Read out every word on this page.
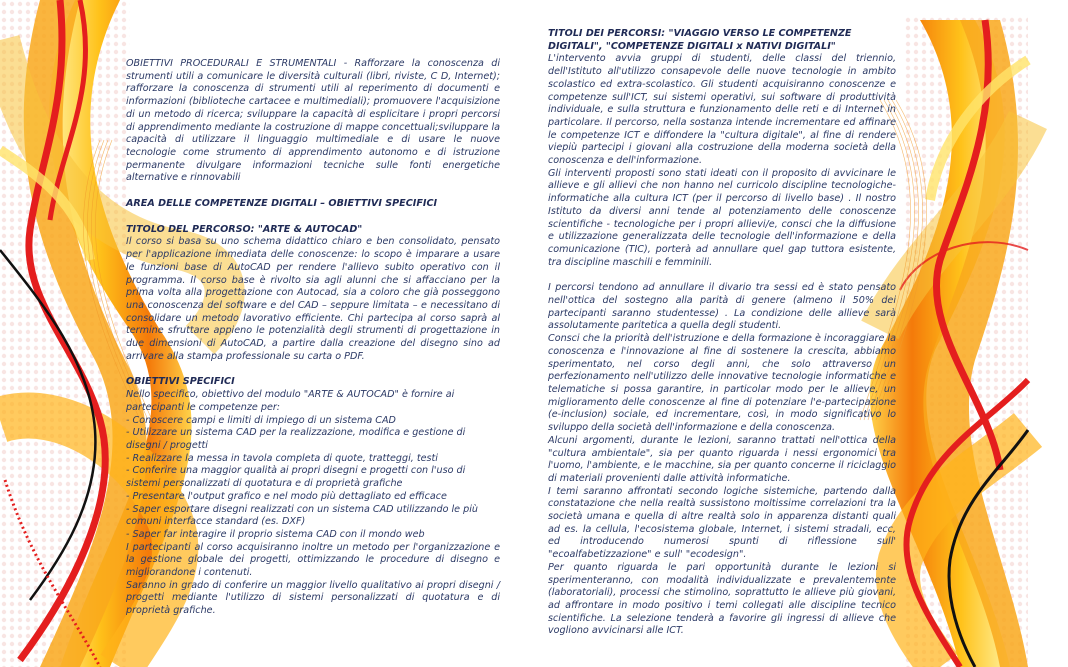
OBIETTIVI PROCEDURALI E STRUMENTALI - Rafforzare la conoscenza di strumenti utili a comunicare le diversità culturali (libri, riviste, C D, Internet); rafforzare la conoscenza di strumenti utili al reperimento di documenti e informazioni (biblioteche cartacee e multimediali); promuovere l'acquisizione di un metodo di ricerca; sviluppare la capacità di esplicitare i propri percorsi di apprendimento mediante la costruzione di mappe concettuali;sviluppare la capacità di utilizzare il linguaggio multimediale e di usare le nuove tecnologie come strumento di apprendimento autonomo e di istruzione permanente divulgare informazioni tecniche sulle fonti energetiche alternative e rinnovabili

AREA DELLE COMPETENZE DIGITALI – OBIETTIVI SPECIFICI

TITOLO DEL PERCORSO: "ARTE & AUTOCAD"

Il corso si basa su uno schema didattico chiaro e ben consolidato, pensato per l'applicazione immediata delle conoscenze: lo scopo è imparare a usare le funzioni base di AutoCAD per rendere l'allievo subito operativo con il programma. Il corso base è rivolto sia agli alunni che si affacciano per la prima volta alla progettazione con Autocad, sia a coloro che già posseggono una conoscenza del software e del CAD – seppure limitata – e necessitano di consolidare un metodo lavorativo efficiente. Chi partecipa al corso saprà al termine sfruttare appieno le potenzialità degli strumenti di progettazione in due dimensioni di AutoCAD, a partire dalla creazione del disegno sino ad arrivare alla stampa professionale su carta o PDF.

OBIETTIVI SPECIFICI

Nello specifico, obiettivo del modulo "ARTE & AUTOCAD" è fornire ai partecipanti le competenze per:

- Conoscere campi e limiti di impiego di un sistema CAD

- Utilizzare un sistema CAD per la realizzazione, modifica e gestione di disegni / progetti

- Realizzare la messa in tavola completa di quote, tratteggi, testi

- Conferire una maggior qualità ai propri disegni e progetti con l'uso di sistemi personalizzati di quotatura e di proprietà grafiche

- Presentare l'output grafico e nel modo più dettagliato ed efficace

- Saper esportare disegni realizzati con un sistema CAD utilizzando le più comuni interfacce standard (es. DXF)

- Saper far interagire il proprio sistema CAD con il mondo web

I partecipanti al corso acquisiranno inoltre un metodo per l'organizzazione e la gestione globale dei progetti, ottimizzando le procedure di disegno e migliorandone i contenuti.

Saranno in grado di conferire un maggior livello qualitativo ai propri disegni / progetti mediante l'utilizzo di sistemi personalizzati di quotatura e di proprietà grafiche.

TITOLI DEI PERCORSI: "VIAGGIO VERSO LE COMPETENZE DIGITALI", "COMPETENZE DIGITALI x NATIVI DIGITALI"

L'intervento avvia gruppi di studenti, delle classi del triennio, dell'Istituto all'utilizzo consapevole delle nuove tecnologie in ambito scolastico ed extra-scolastico. Gli studenti acquisiranno conoscenze e competenze sull'ICT, sui sistemi operativi, sui software di produttività individuale, e sulla struttura e funzionamento delle reti e di Internet in particolare. Il percorso, nella sostanza intende incrementare ed affinare le competenze ICT e diffondere la "cultura digitale", al fine di rendere viepiù partecipi i giovani alla costruzione della moderna società della conoscenza e dell'informazione.

Gli interventi proposti sono stati ideati con il proposito di avvicinare le allieve e gli allievi che non hanno nel curricolo discipline tecnologiche-informatiche alla cultura ICT (per il percorso di livello base) . Il nostro Istituto da diversi anni tende al potenziamento delle conoscenze scientifiche - tecnologiche per i propri allievi/e, consci che la diffusione e utilizzazione generalizzata delle tecnologie dell'informazione e della comunicazione (TIC), porterà ad annullare quel gap tuttora esistente, tra discipline maschili e femminili.

I percorsi tendono ad annullare il divario tra sessi ed è stato pensato nell'ottica del sostegno alla parità di genere (almeno il 50% dei partecipanti saranno studentesse) . La condizione delle allieve sarà assolutamente paritetica a quella degli studenti.

Consci che la priorità dell'istruzione e della formazione è incoraggiare la conoscenza e l'innovazione al fine di sostenere la crescita, abbiamo sperimentato, nel corso degli anni, che solo attraverso un perfezionamento nell'utilizzo delle innovative tecnologie informatiche e telematiche si possa garantire, in particolar modo per le allieve, un miglioramento delle conoscenze al fine di potenziare l'e-partecipazione (e-inclusion) sociale, ed incrementare, così, in modo significativo lo sviluppo della società dell'informazione e della conoscenza.

Alcuni argomenti, durante le lezioni, saranno trattati nell'ottica della "cultura ambientale", sia per quanto riguarda i nessi ergonomici tra l'uomo, l'ambiente, e le macchine, sia per quanto concerne il riciclaggio di materiali provenienti dalle attività informatiche.

I temi saranno affrontati secondo logiche sistemiche, partendo dalla constatazione che nella realtà sussistono moltissime correlazioni tra la società umana e quella di altre realtà solo in apparenza distanti quali ad es. la cellula, l'ecosistema globale, Internet, i sistemi stradali, ecc, ed introducendo numerosi spunti di riflessione sull' "ecoalfabetizzazione" e sull' "ecodesign".

Per quanto riguarda le pari opportunità durante le lezioni si sperimenteranno, con modalità individualizzate e prevalentemente (laboratoriali), processi che stimolino, soprattutto le allieve più giovani, ad affrontare in modo positivo i temi collegati alle discipline tecnico scientifiche. La selezione tenderà a favorire gli ingressi di allieve che vogliono avvicinarsi alle ICT.
